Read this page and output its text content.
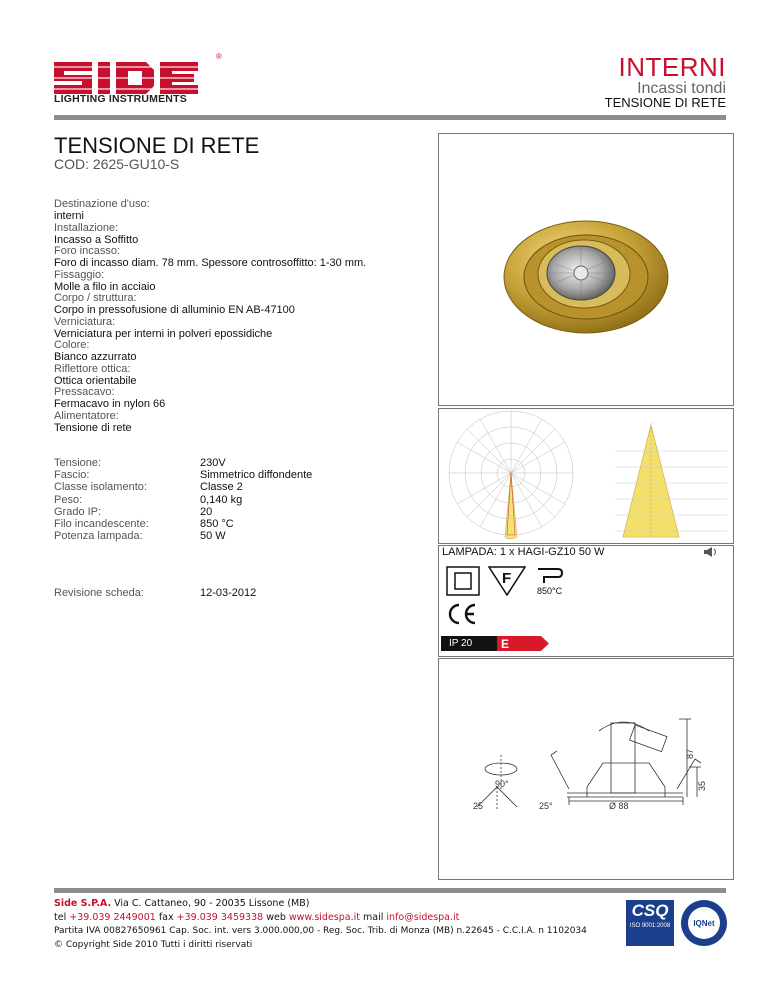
®
LIGHTING INSTRUMENTS
INTERNI
Incassi tondi
TENSIONE DI RETE
TENSIONE DI RETE
COD: 2625-GU10-S
Destinazione d'uso:
interni
Installazione:
Incasso a Soffitto
Foro incasso:
Foro di incasso diam. 78 mm. Spessore controsoffitto: 1-30 mm.
Fissaggio:
Molle a filo in acciaio
Corpo / struttura:
Corpo in pressofusione di alluminio EN AB-47100
Verniciatura:
Verniciatura per interni in polveri epossidiche
Colore:
Bianco azzurrato
Riflettore ottica:
Ottica orientabile
Pressacavo:
Fermacavo in nylon 66
Alimentatore:
Tensione di rete
Tensione:	230V
Fascio:	Simmetrico diffondente
Classe isolamento:	Classe 2
Peso:	0,140 kg
Grado IP:	20
Filo incandescente:	850 °C
Potenza lampada:	50 W
Revisione scheda:	12-03-2012
LAMPADA: 1 x HAGI-GZ10 50 W
F
850°C
IP 20	E
87
35
Ø 88
90°
25	25°
Side S.P.A. Via C. Cattaneo, 90 - 20035 Lissone (MB)
tel +39.039 2449001 fax +39.039 3459338 web www.sidespa.it mail info@sidespa.it
Partita IVA 00827650961 Cap. Soc. int. vers 3.000.000,00 - Reg. Soc. Trib. di Monza (MB) n.22645 - C.C.I.A. n 1102034
© Copyright Side 2010 Tutti i diritti riservati
CSQ
ISO 9001:2008	IQNet
